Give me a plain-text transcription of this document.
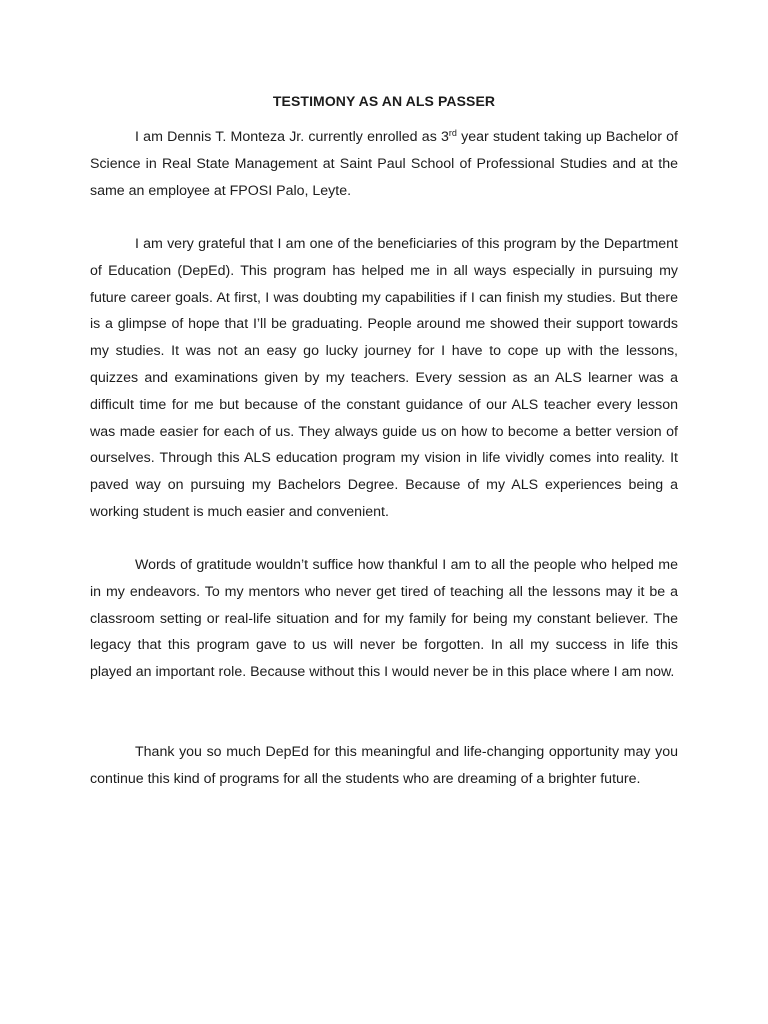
TESTIMONY AS AN ALS PASSER

I am Dennis T. Monteza Jr. currently enrolled as 3rd year student taking up Bachelor of Science in Real State Management at Saint Paul School of Professional Studies and at the same an employee at FPOSI Palo, Leyte.

I am very grateful that I am one of the beneficiaries of this program by the Department of Education (DepEd). This program has helped me in all ways especially in pursuing my future career goals. At first, I was doubting my capabilities if I can finish my studies. But there is a glimpse of hope that I’ll be graduating. People around me showed their support towards my studies. It was not an easy go lucky journey for I have to cope up with the lessons, quizzes and examinations given by my teachers. Every session as an ALS learner was a difficult time for me but because of the constant guidance of our ALS teacher every lesson was made easier for each of us. They always guide us on how to become a better version of ourselves. Through this ALS education program my vision in life vividly comes into reality. It paved way on pursuing my Bachelors Degree. Because of my ALS experiences being a working student is much easier and convenient.

Words of gratitude wouldn’t suffice how thankful I am to all the people who helped me in my endeavors. To my mentors who never get tired of teaching all the lessons may it be a classroom setting or real-life situation and for my family for being my constant believer. The legacy that this program gave to us will never be forgotten. In all my success in life this played an important role. Because without this I would never be in this place where I am now.

Thank you so much DepEd for this meaningful and life-changing opportunity may you continue this kind of programs for all the students who are dreaming of a brighter future.
